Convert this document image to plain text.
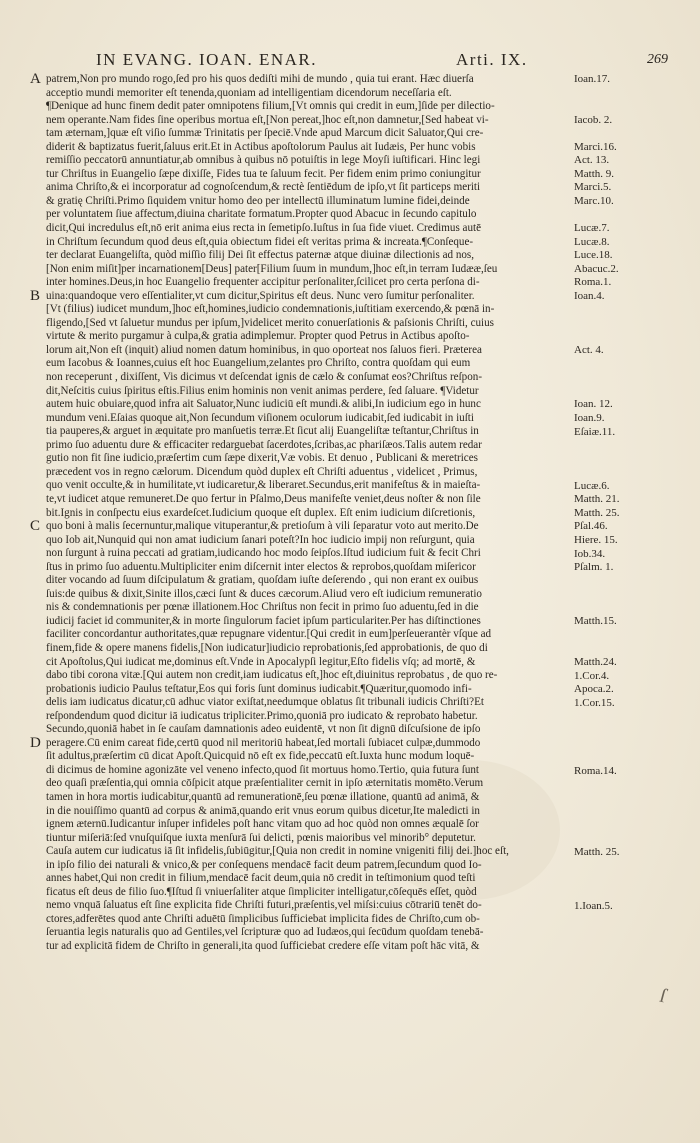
IN EVANG. IOAN. ENAR.	Arti. IX.	269
patrem,Non pro mundo rogo,ſed pro his quos dediſti mihi de mundo , quia tui erant. Hæc diuerſa
acceptio mundi memoriter eſt tenenda,quoniam ad intelligentiam dicendorum neceſſaria eſt.
¶Denique ad hunc finem dedit pater omnipotens filium,[Vt omnis qui credit in eum,]ſide per dilectio-
nem operante.Nam fides ſine operibus mortua eſt,[Non pereat,]hoc eſt,non damnetur,[Sed habeat vi-
tam æternam,]quæ eſt viſio ſummæ Trinitatis per ſpeciē.Vnde apud Marcum dicit Saluator,Qui cre-
diderit & baptizatus fuerit,ſaluus erit.Et in Actibus apoſtolorum Paulus ait Iudæis, Per hunc vobis
remiſſio peccatorū annuntiatur,ab omnibus à quibus nō potuiſtis in lege Moyſi iuſtificari. Hinc legi
tur Chriſtus in Euangelio ſæpe dixiſſe, Fides tua te ſaluum fecit. Per fidem enim primo coniungitur
anima Chriſto,& ei incorporatur ad cognoſcendum,& rectè ſentiēdum de ipſo,vt ſit particeps meriti
& gratię Chriſti.Primo ſiquidem vnitur homo deo per intellectū illuminatum lumine fidei,deinde
per voluntatem ſiue affectum,diuina charitate formatum.Propter quod Abacuc in ſecundo capitulo
dicit,Qui incredulus eſt,nō erit anima eius recta in ſemetipſo.Iuſtus in ſua fide viuet. Credimus autē
in Chriſtum ſecundum quod deus eſt,quia obiectum fidei eſt veritas prima & increata.¶Conſeque-
ter declarat Euangeliſta, quòd miſſio filij Dei ſit effectus paternæ atque diuinæ dilectionis ad nos,
[Non enim miſit]per incarnationem[Deus] pater[Filium ſuum in mundum,]hoc eſt,in terram Iudææ,ſeu
inter homines.Deus,in hoc Euangelio frequenter accipitur perſonaliter,ſcilicet pro certa perſona di-
uina:quandoque vero eſſentialiter,vt cum dicitur,Spiritus eſt deus. Nunc vero ſumitur perſonaliter.
[Vt (filius) iudicet mundum,]hoc eſt,homines,iudicio condemnationis,iuſtitiam exercendo,& pœnā in-
fligendo,[Sed vt ſaluetur mundus per ipſum,]videlicet merito conuerſationis & paſsionis Chriſti, cuius
virtute & merito purgamur à culpa,& gratia adimplemur. Propter quod Petrus in Actibus apoſto-
lorum ait,Non eſt (inquit) aliud nomen datum hominibus, in quo oporteat nos ſaluos fieri. Præterea
eum Iacobus & Ioannes,cuius eſt hoc Euangelium,zelantes pro Chriſto, contra quoſdam qui eum
non receperunt , dixiſſent, Vis dicimus vt deſcendat ignis de cælo & conſumat eos?Chriſtus reſpon-
dit,Neſcitis cuius ſpiritus eſtis.Filius enim hominis non venit animas perdere, ſed ſaluare. ¶Videtur
autem huic obuiare,quod infra ait Saluator,Nunc iudiciū eſt mundi.& alibi,In iudicium ego in hunc
mundum veni.Eſaias quoque ait,Non ſecundum viſionem oculorum iudicabit,ſed iudicabit in iuſti
tia pauperes,& arguet in æquitate pro manſuetis terræ.Et ſicut alij Euangeliſtæ teſtantur,Chriſtus in
primo ſuo aduentu dure & efficaciter redarguebat ſacerdotes,ſcribas,ac phariſæos.Talis autem redar
gutio non fit ſine iudicio,præſertim cum ſæpe dixerit,Væ vobis. Et denuo , Publicani & meretrices
præcedent vos in regno cælorum. Dicendum quòd duplex eſt Chriſti aduentus , videlicet , Primus,
quo venit occulte,& in humilitate,vt iudicaretur,& liberaret.Secundus,erit manifeſtus & in maieſta-
te,vt iudicet atque remuneret.De quo fertur in Pſalmo,Deus manifeſte veniet,deus noſter & non ſile
bit.Ignis in conſpectu eius exardeſcet.Iudicium quoque eſt duplex. Eſt enim iudicium diſcretionis,
quo boni à malis ſecernuntur,malique vituperantur,& pretioſum à vili ſeparatur voto aut merito.De
quo Iob ait,Nunquid qui non amat iudicium ſanari poteſt?In hoc iudicio impij non reſurgunt, quia
non ſurgunt à ruina peccati ad gratiam,iudicando hoc modo ſeipſos.Iſtud iudicium fuit & fecit Chri
ſtus in primo ſuo aduentu.Multipliciter enim diſcernit inter electos & reprobos,quoſdam miſericor
diter vocando ad ſuum diſcipulatum & gratiam, quoſdam iuſte deſerendo , qui non erant ex ouibus
ſuis:de quibus & dixit,Sinite illos,cæci ſunt & duces cæcorum.Aliud vero eſt iudicium remuneratio
nis & condemnationis per pœnæ illationem.Hoc Chriſtus non fecit in primo ſuo aduentu,ſed in die
iudicij faciet id communiter,& in morte ſingulorum faciet ipſum particulariter.Per has diſtinctiones
faciliter concordantur authoritates,quæ repugnare videntur.[Qui credit in eum]perſeuerantèr vſque ad
finem,fide & opere manens fidelis,[Non iudicatur]iudicio reprobationis,ſed approbationis, de quo di
cit Apoſtolus,Qui iudicat me,dominus eſt.Vnde in Apocalypſi legitur,Eſto fidelis vſq; ad mortē, &
dabo tibi corona vitæ.[Qui autem non credit,iam iudicatus eſt,]hoc eſt,diuinitus reprobatus , de quo re-
probationis iudicio Paulus teſtatur,Eos qui foris ſunt dominus iudicabit.¶Quæritur,quomodo infi-
delis iam iudicatus dicatur,cū adhuc viator exiſtat,needumque oblatus ſit tribunali iudicis Chriſti?Et
reſpondendum quod dicitur iā iudicatus tripliciter.Primo,quoniā pro iudicato & reprobato habetur.
Secundo,quoniā habet in ſe cauſam damnationis adeo euidentē, vt non ſit dignū diſcuſsione de ipſo
peragere.Cū enim careat fide,certū quod nil meritoriū habeat,ſed mortali ſubiacet culpæ,dummodo
ſit adultus,præſertim cū dicat Apoſt.Quicquid nō eſt ex fide,peccatū eſt.Iuxta hunc modum loquē-
di dicimus de homine agonizāte vel veneno infecto,quod ſit mortuus homo.Tertio, quia futura ſunt
deo quaſi præſentia,qui omnia cōſpicit atque præſentialiter cernit in ipſo æternitatis momēto.Verum
tamen in hora mortis iudicabitur,quantū ad remunerationē,ſeu pœnæ illatione, quantū ad animā, &
in die nouiſſimo quantū ad corpus & animā,quando erit vnus eorum quibus dicetur,Ite maledicti in
ignem æternū.Iudicantur inſuper infideles poſt hanc vitam quo ad hoc quòd non omnes æqualē ſor
tiuntur miſeriā:ſed vnuſquiſque iuxta menſurā ſui delicti, pœnis maioribus vel minorib° deputetur.
Cauſa autem cur iudicatus iā ſit infidelis,ſubiūgitur,[Quia non credit in nomine vnigeniti filij dei.]hoc eſt,
in ipſo filio dei naturali & vnico,& per conſequens mendacē facit deum patrem,ſecundum quod Io-
annes habet,Qui non credit in filium,mendacē facit deum,quia nō credit in teſtimonium quod teſti
ficatus eſt deus de filio ſuo.¶Iſtud ſi vniuerſaliter atque ſimpliciter intelligatur,cōſequēs eſſet, quòd
nemo vnquā ſaluatus eſt ſine explicita fide Chriſti futuri,præſentis,vel miſsi:cuius cōtrariū tenēt do-
ctores,adferētes quod ante Chriſti aduētū ſimplicibus ſufficiebat implicita fides de Chriſto,cum ob-
ſeruantia legis naturalis quo ad Gentiles,vel ſcripturæ quo ad Iudæos,qui ſecūdum quoſdam tenebā-
tur ad explicitā fidem de Chriſto in generali,ita quod ſufficiebat credere eſſe vitam poſt hāc vitā, &
A
B
C
D
Ioan.17.
Iacob. 2.
Marci.16.
Act. 13.
Matth. 9.
Marci.5.
Marc.10.
Lucæ.7.
Lucæ.8.
Luce.18.
Abacuc.2.
Roma.1.
Ioan.4.
Act. 4.
Ioan. 12.
Ioan.9.
Eſaiæ.11.
Lucæ.6.
Matth. 21.
Matth. 25.
Pſal.46.
Hiere. 15.
Iob.34.
Pſalm. 1.
Matth.15.
Matth.24.
1.Cor.4.
Apoca.2.
1.Cor.15.
Roma.14.
Matth. 25.
1.Ioan.5.
ſ
